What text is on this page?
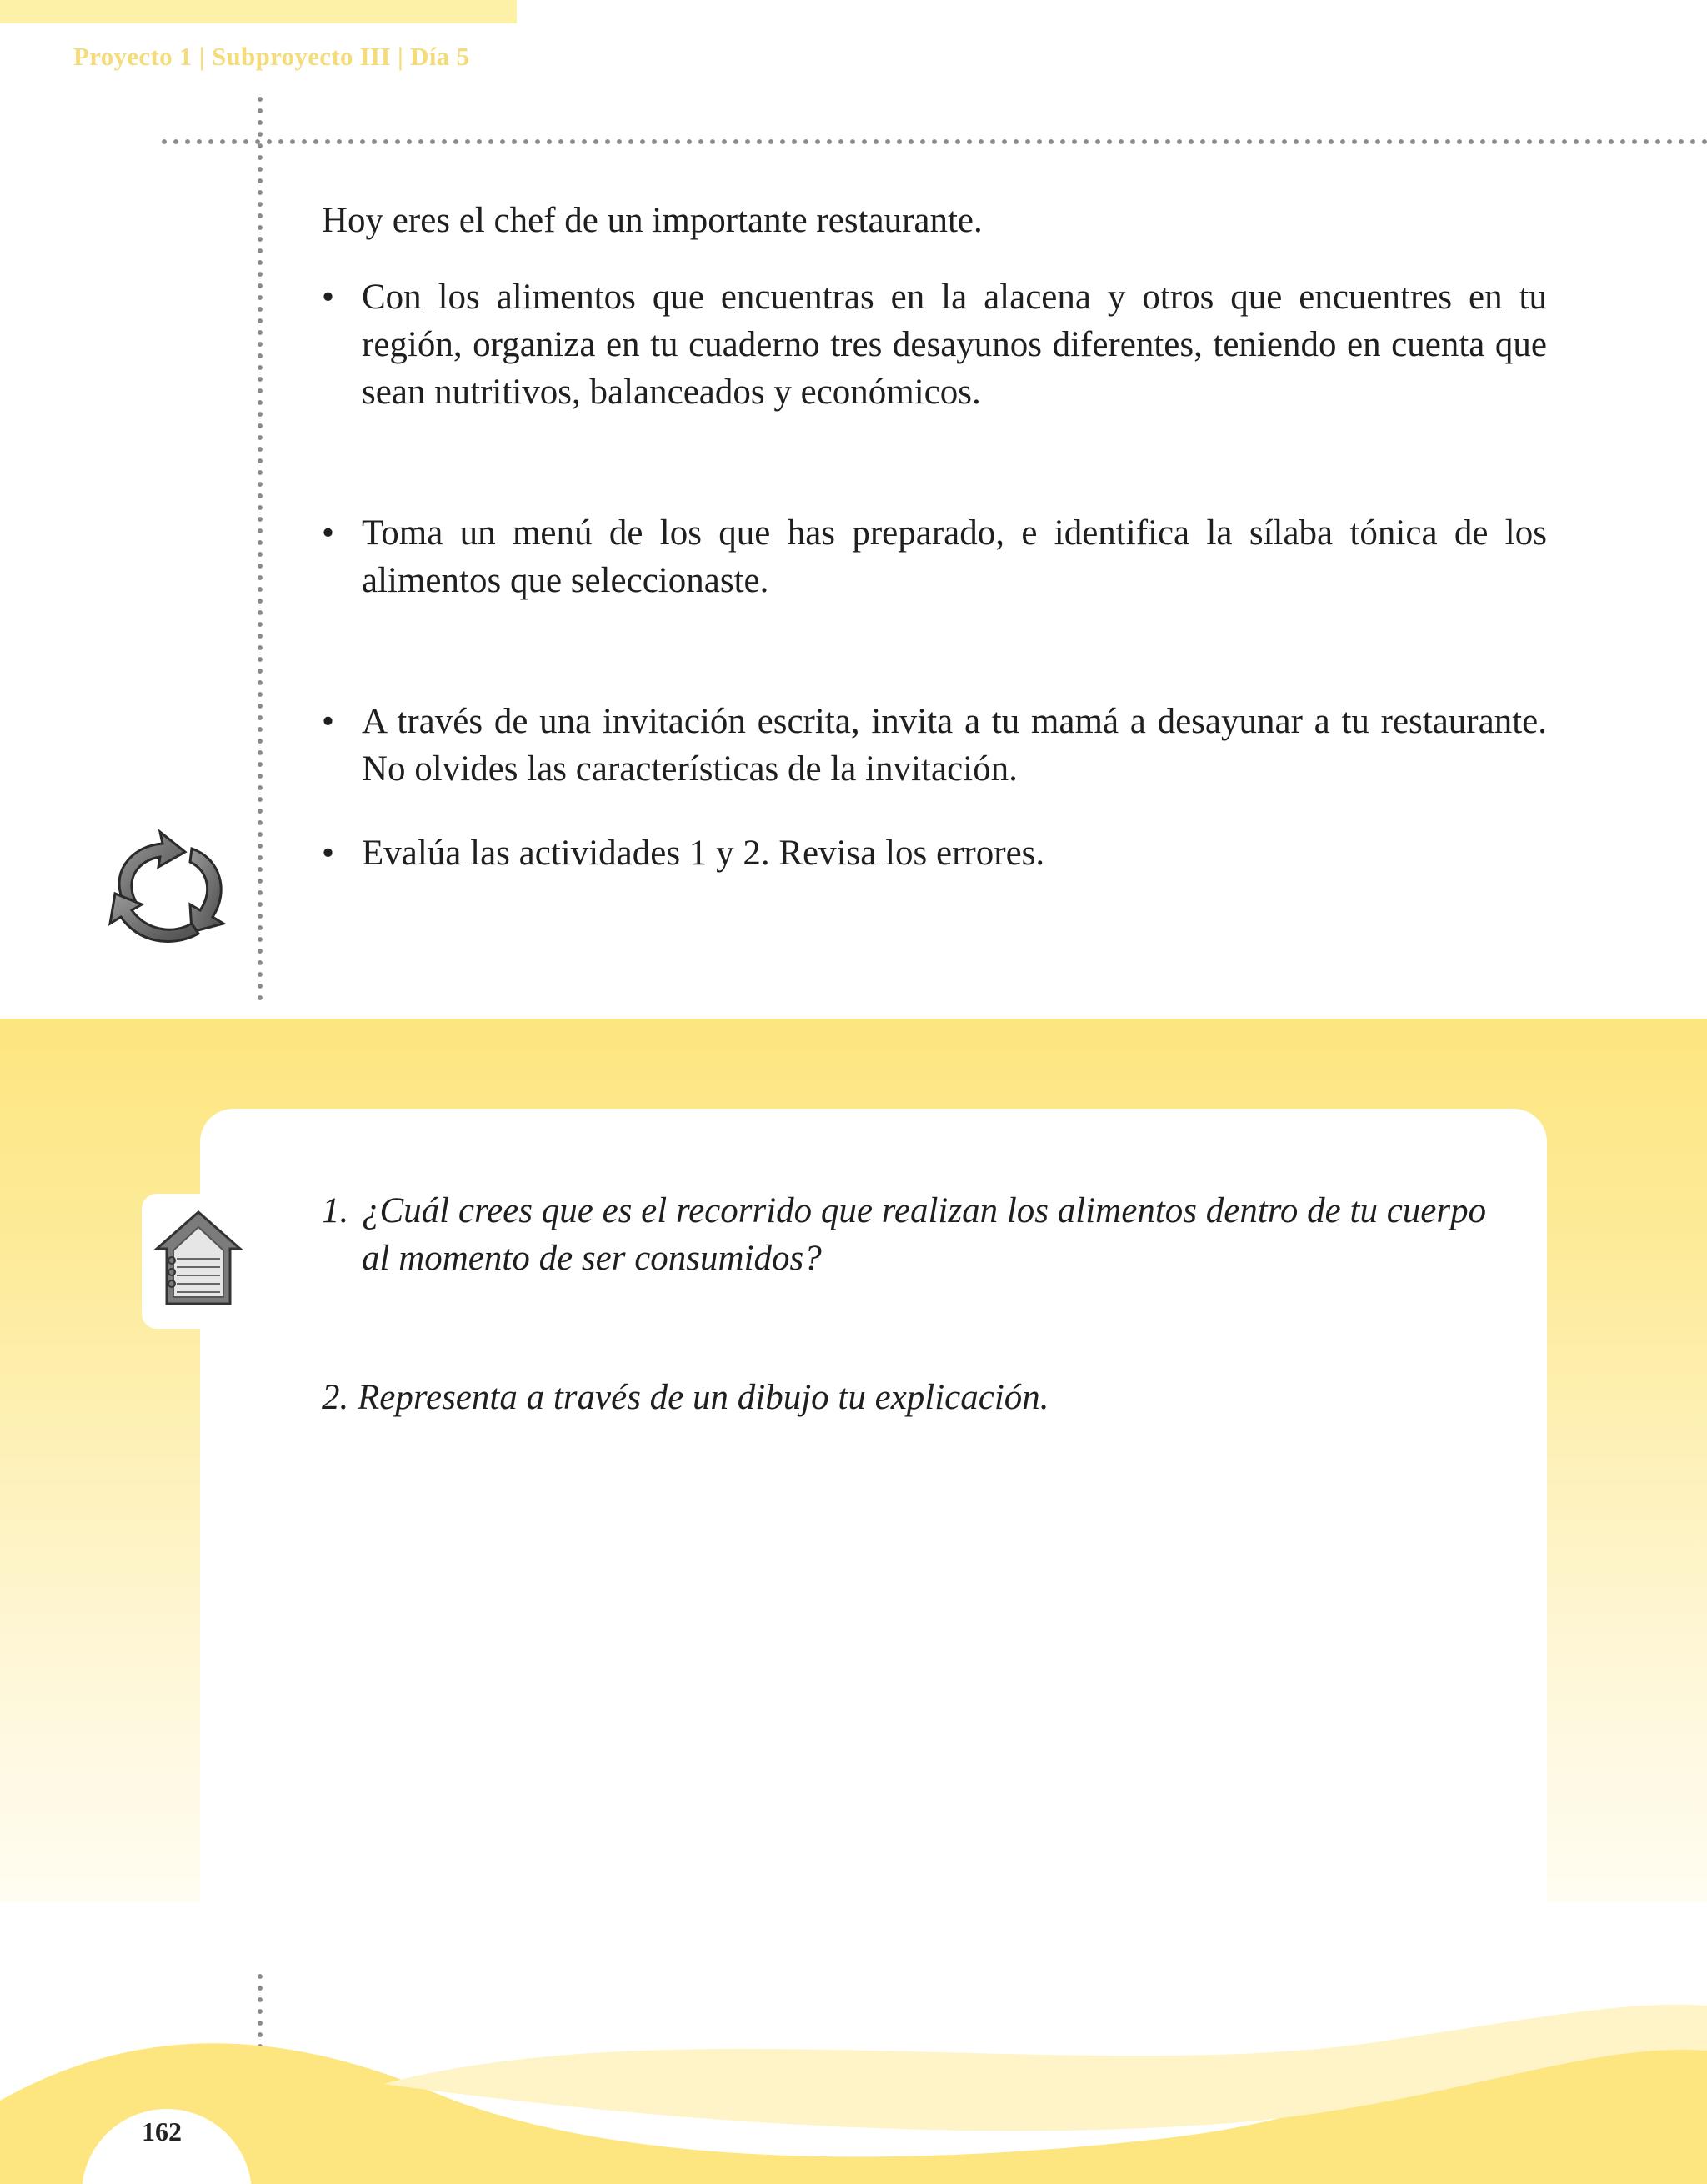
Proyecto 1 | Subproyecto III | Día 5

Hoy eres el chef de un importante restaurante.

• Con los alimentos que encuentras en la alacena y otros que encuentres en tu región, organiza en tu cuaderno tres desayunos diferentes, teniendo en cuenta que sean nutritivos, balanceados y económicos.
• Toma un menú de los que has preparado, e identifica la sílaba tónica de los alimentos que seleccionaste.
• A través de una invitación escrita, invita a tu mamá a desayunar a tu restaurante. No olvides las características de la invitación.
• Evalúa las actividades 1 y 2. Revisa los errores.

1. ¿Cuál crees que es el recorrido que realizan los alimentos dentro de tu cuerpo al momento de ser consumidos?

2. Representa a través de un dibujo tu explicación.

162
